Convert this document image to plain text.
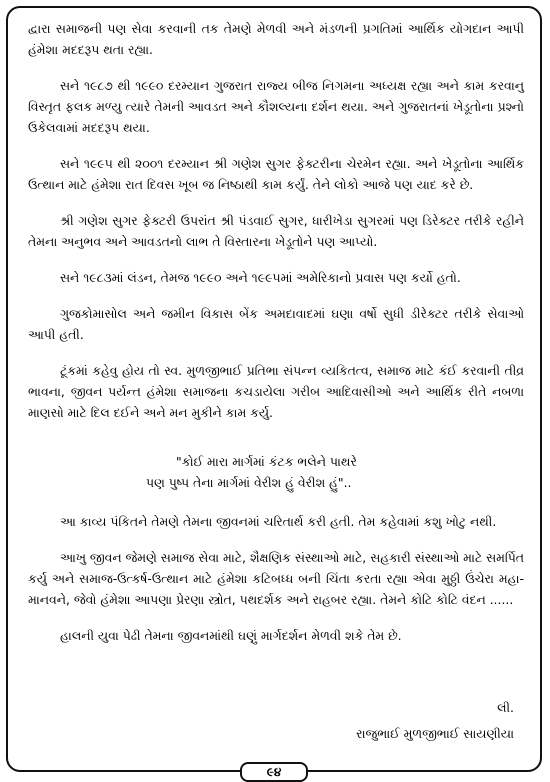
દ્વારા સમાજની પણ સેવા કરવાની તક તેમણે મેળવી અને મંડળની પ્રગતિમાં આર્થિક યોગદાન આપી હંમેશા મદદરૂપ થતા રહ્યા.

સને ૧૯૮૭ થી ૧૯૯૦ દરમ્યાન ગુજરાત રાજ્ય બીજ નિગમના અધ્યક્ષ રહ્યા અને કામ કરવાનુ વિસ્તૃત ફલક મળ્યુ ત્યારે તેમની આવડત અને કૌશલ્યના દર્શન થયા. અને ગુજરાતનાં ખેડૂતોના પ્રશ્નો ઉકેલવામાં મદદરૂપ થયા.

સને ૧૯૯૫ થી ૨૦૦૧ દરમ્યાન શ્રી ગણેશ સુગર ફેક્ટરીના ચેરમેન રહ્યા. અને ખેડૂતોના આર્થિક ઉત્થાન માટે હંમેશા રાત દિવસ ખૂબ જ નિષ્ઠાથી કામ કર્યું. તેને લોકો આજે પણ યાદ કરે છે.

શ્રી ગણેશ સુગર ફેક્ટરી ઉપરાંત શ્રી પંડવાઈ સુગર, ધારીખેડા સુગરમાં પણ ડિરેક્ટર તરીકે રહીને તેમના અનુભવ અને આવડતનો લાભ તે વિસ્તારના ખેડૂતોને પણ આપ્યો.

સને ૧૯૮૩માં લંડન, તેમજ ૧૯૯૦ અને ૧૯૯૫માં અમેરિકાનો પ્રવાસ પણ કર્યો હતો.

ગુજકોમાસોલ અને જમીન વિકાસ બેંક અમદાવાદમાં ઘણા વર્ષો સુધી ડીરેક્ટર તરીકે સેવાઓ આપી હતી.

ટૂંકમાં કહેવુ હોય તો સ્વ. મુળજીભાઈ પ્રતિભા સંપન્ન વ્યકિતત્વ, સમાજ માટે કંઈ કરવાની તીવ્ર ભાવના, જીવન પર્યન્ત હંમેશા સમાજના કચડાયેલા ગરીબ આદિવાસીઓ અને આર્થિક રીતે નબળા માણસો માટે દિલ દઈને અને મન મુકીને કામ કર્યુ.

"કોઈ મારા માર્ગમાં કંટક ભલેને પાથરે
પણ પુષ્પ તેના માર્ગમાં વેરીશ હું વેરીશ હું"..

આ કાવ્ય પંકિતને તેમણે તેમના જીવનમાં ચરિતાર્થ કરી હતી. તેમ કહેવામાં કશુ ખોટુ નથી.

આખુ જીવન જેમણે સમાજ સેવા માટે, શૈક્ષણિક સંસ્થાઓ માટે, સહકારી સંસ્થાઓ માટે સમર્પિત કર્યુ અને સમાજ-ઉત્કર્ષ-ઉત્થાન માટે હંમેશા કટિબધ્ધ બની ચિંતા કરતા રહ્યા એવા મુઠ્ઠી ઉંચેરા મહા-માનવને, જેવો હંમેશા આપણા પ્રેરણા સ્ત્રોત, પથદર્શક અને રાહબર રહ્યા. તેમને કોટિ કોટિ વંદન ......

હાલની યુવા પેઢી તેમના જીવનમાંથી ઘણું માર્ગદર્શન મેળવી શકે તેમ છે.

લી.
રાજુભાઈ મુળજીભાઈ સાયણીયા
૯૪
